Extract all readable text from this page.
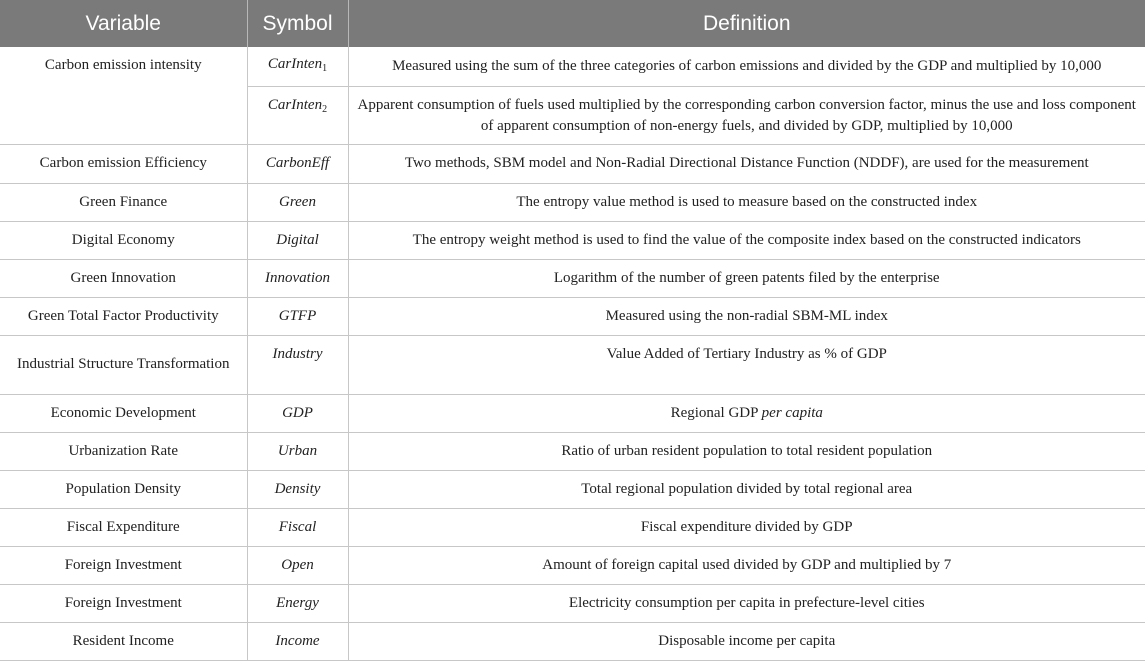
Variable	Symbol	Definition
Carbon emission intensity	CarInten$_1$	Measured using the sum of the three categories of carbon emissions and divided by the GDP and multiplied by 10,000
	CarInten$_2$	Apparent consumption of fuels used multiplied by the corresponding carbon conversion factor, minus the use and loss component of apparent consumption of non-energy fuels, and divided by GDP, multiplied by 10,000
Carbon emission Efficiency	CarbonEff	Two methods, SBM model and Non-Radial Directional Distance Function (NDDF), are used for the measurement
Green Finance	Green	The entropy value method is used to measure based on the constructed index
Digital Economy	Digital	The entropy weight method is used to find the value of the composite index based on the constructed indicators
Green Innovation	Innovation	Logarithm of the number of green patents filed by the enterprise
Green Total Factor Productivity	GTFP	Measured using the non-radial SBM-ML index
Industrial Structure Transformation	Industry	Value Added of Tertiary Industry as % of GDP
Economic Development	GDP	Regional GDP per capita
Urbanization Rate	Urban	Ratio of urban resident population to total resident population
Population Density	Density	Total regional population divided by total regional area
Fiscal Expenditure	Fiscal	Fiscal expenditure divided by GDP
Foreign Investment	Open	Amount of foreign capital used divided by GDP and multiplied by 7
Foreign Investment	Energy	Electricity consumption per capita in prefecture-level cities
Resident Income	Income	Disposable income per capita
